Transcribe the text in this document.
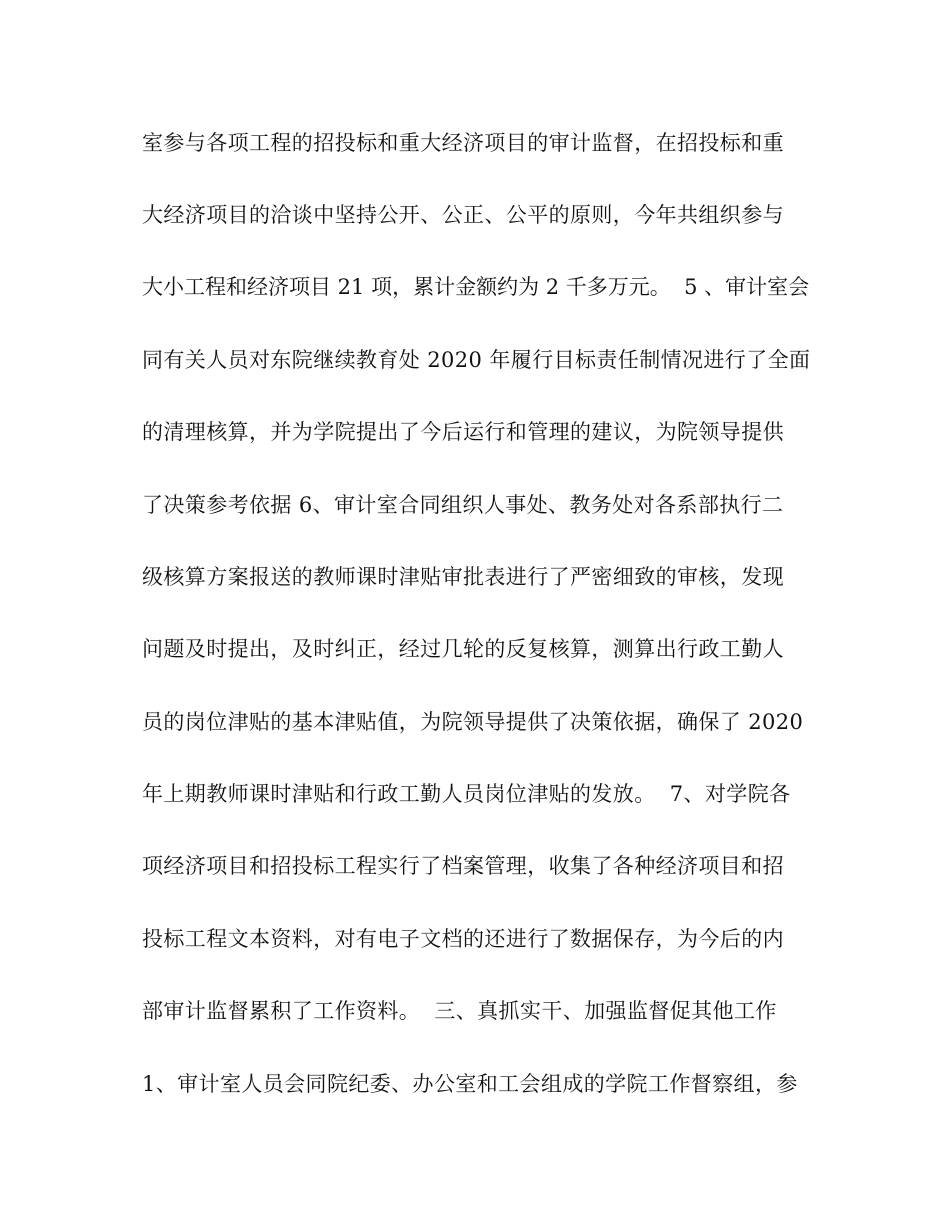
室参与各项工程的招投标和重大经济项目的审计监督，在招投标和重
大经济项目的洽谈中坚持公开、公正、公平的原则，今年共组织参与
大小工程和经济项目 21 项，累计金额约为 2 千多万元。  5 、审计室会
同有关人员对东院继续教育处 2020 年履行目标责任制情况进行了全面
的清理核算，并为学院提出了今后运行和管理的建议，为院领导提供
了决策参考依据 6、审计室合同组织人事处、教务处对各系部执行二
级核算方案报送的教师课时津贴审批表进行了严密细致的审核，发现
问题及时提出，及时纠正，经过几轮的反复核算，测算出行政工勤人
员的岗位津贴的基本津贴值，为院领导提供了决策依据，确保了 2020
年上期教师课时津贴和行政工勤人员岗位津贴的发放。  7、对学院各
项经济项目和招投标工程实行了档案管理，收集了各种经济项目和招
投标工程文本资料，对有电子文档的还进行了数据保存，为今后的内
部审计监督累积了工作资料。  三、真抓实干、加强监督促其他工作
1、审计室人员会同院纪委、办公室和工会组成的学院工作督察组，参
